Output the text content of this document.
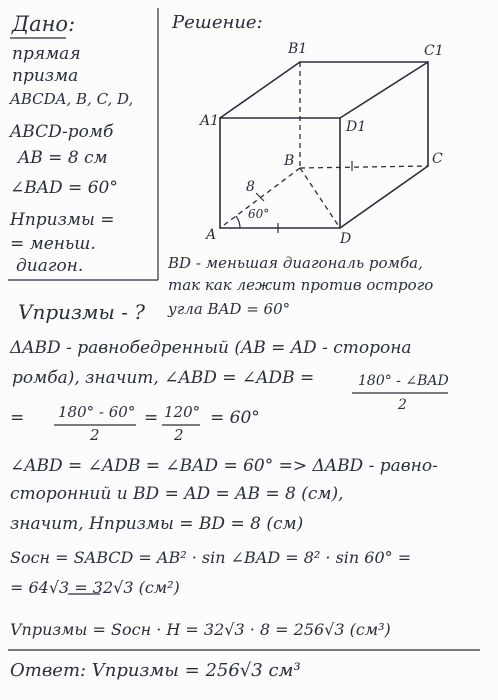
Дано:
прямая
призма
ABCDA, B, C, D,
ABCD-ромб
AB = 8 см
∠BAD = 60°
Hпризмы =
= меньш.
диагон.
Решение:
B1	C1
A1	D1
B	C
A	D
8
60°
BD - меньшая диагональ ромба,
так как лежит против острого
угла BAD = 60°
Vпризмы - ?
ΔABD - равнобедренный (AB = AD - сторона
ромба), значит, ∠ABD = ∠ADB =	180° - ∠BAD
2
= 180° - 60°
2
= 120°
2
= 60°
∠ABD = ∠ADB = ∠BAD = 60° => ΔABD - равно-
сторонний и BD = AD = AB = 8 (см),
значит, Hпризмы = BD = 8 (см)
Sосн = SABCD = AB² · sin ∠BAD = 8² · sin 60° =
= 64√3 = 32√3 (см²)
Vпризмы = Sосн · H = 32√3 · 8 = 256√3 (см³)
Ответ: Vпризмы = 256√3 см³
